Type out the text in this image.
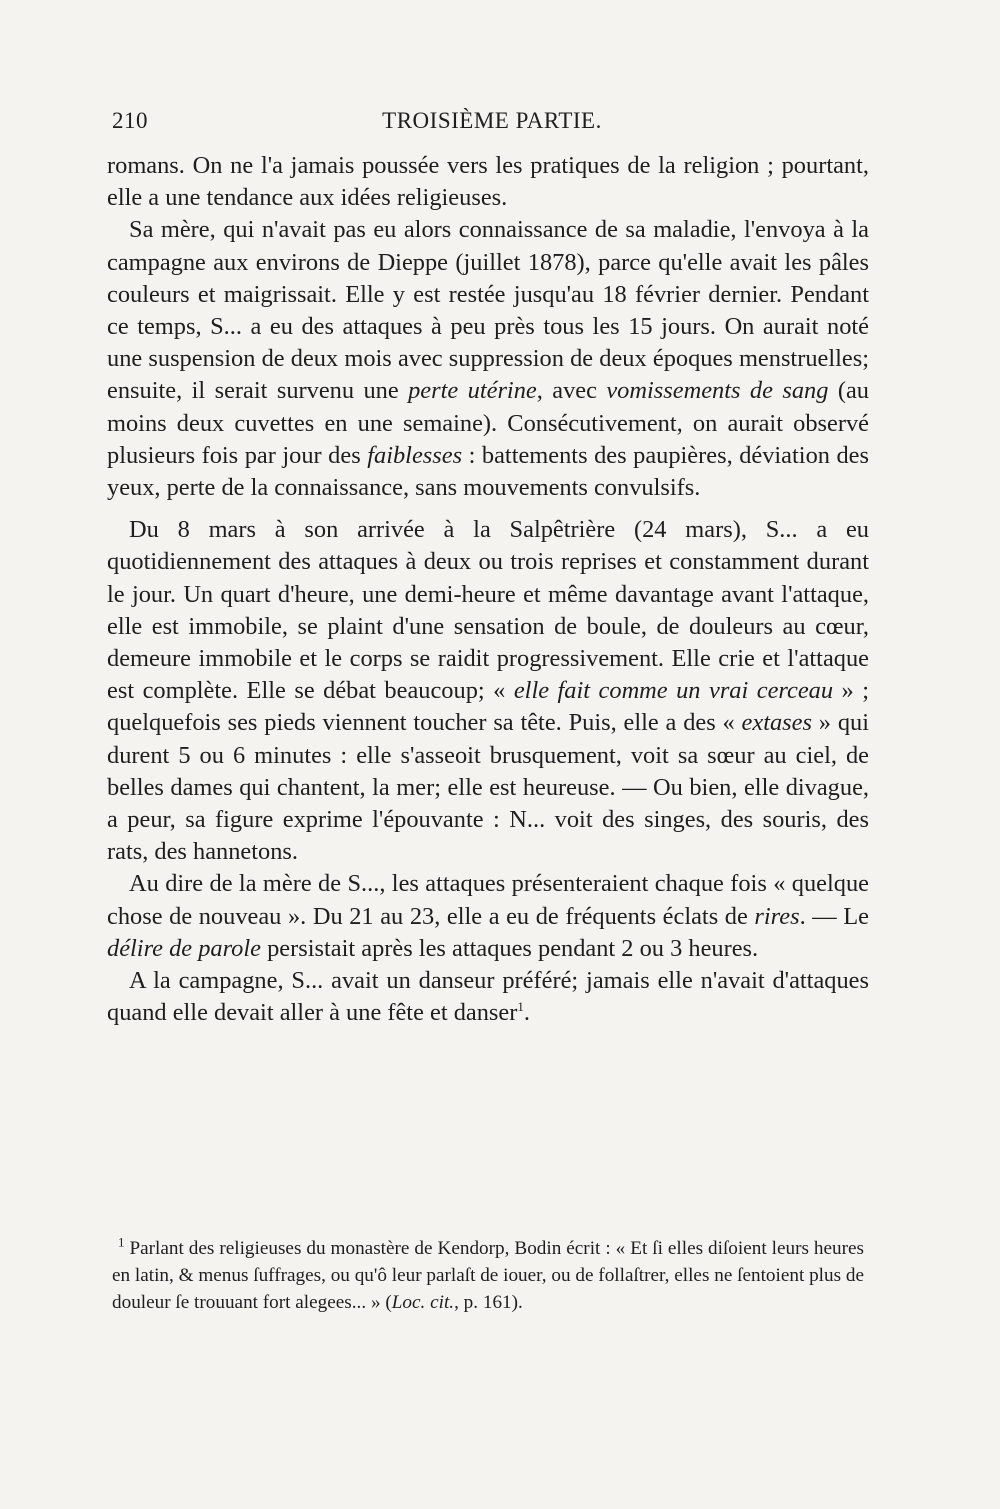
210	TROISIÈME PARTIE.

romans. On ne l'a jamais poussée vers les pratiques de la religion ; pourtant, elle a une tendance aux idées religieuses.

Sa mère, qui n'avait pas eu alors connaissance de sa maladie, l'envoya à la campagne aux environs de Dieppe (juillet 1878), parce qu'elle avait les pâles couleurs et maigrissait. Elle y est restée jusqu'au 18 février dernier. Pendant ce temps, S... a eu des attaques à peu près tous les 15 jours. On aurait noté une suspension de deux mois avec suppression de deux époques menstruelles; ensuite, il serait survenu une perte utérine, avec vomissements de sang (au moins deux cuvettes en une semaine). Consécutivement, on aurait observé plusieurs fois par jour des faiblesses : battements des paupières, déviation des yeux, perte de la connaissance, sans mouvements convulsifs.

Du 8 mars à son arrivée à la Salpêtrière (24 mars), S... a eu quotidiennement des attaques à deux ou trois reprises et constamment durant le jour. Un quart d'heure, une demi-heure et même davantage avant l'attaque, elle est immobile, se plaint d'une sensation de boule, de douleurs au cœur, demeure immobile et le corps se raidit progressivement. Elle crie et l'attaque est complète. Elle se débat beaucoup; « elle fait comme un vrai cerceau » ; quelquefois ses pieds viennent toucher sa tête. Puis, elle a des « extases » qui durent 5 ou 6 minutes : elle s'asseoit brusquement, voit sa sœur au ciel, de belles dames qui chantent, la mer; elle est heureuse. — Ou bien, elle divague, a peur, sa figure exprime l'épouvante : N... voit des singes, des souris, des rats, des hannetons.

Au dire de la mère de S..., les attaques présenteraient chaque fois « quelque chose de nouveau ». Du 21 au 23, elle a eu de fréquents éclats de rires. — Le délire de parole persistait après les attaques pendant 2 ou 3 heures.

A la campagne, S... avait un danseur préféré; jamais elle n'avait d'attaques quand elle devait aller à une fête et danser$^1$.

$^1$ Parlant des religieuses du monastère de Kendorp, Bodin écrit : « Et ſi elles diſoient leurs heures en latin, & menus ſuffrages, ou qu'ô leur parlaſt de iouer, ou de follaſtrer, elles ne ſentoient plus de douleur ſe trouuant fort alegees... » (Loc. cit., p. 161).
